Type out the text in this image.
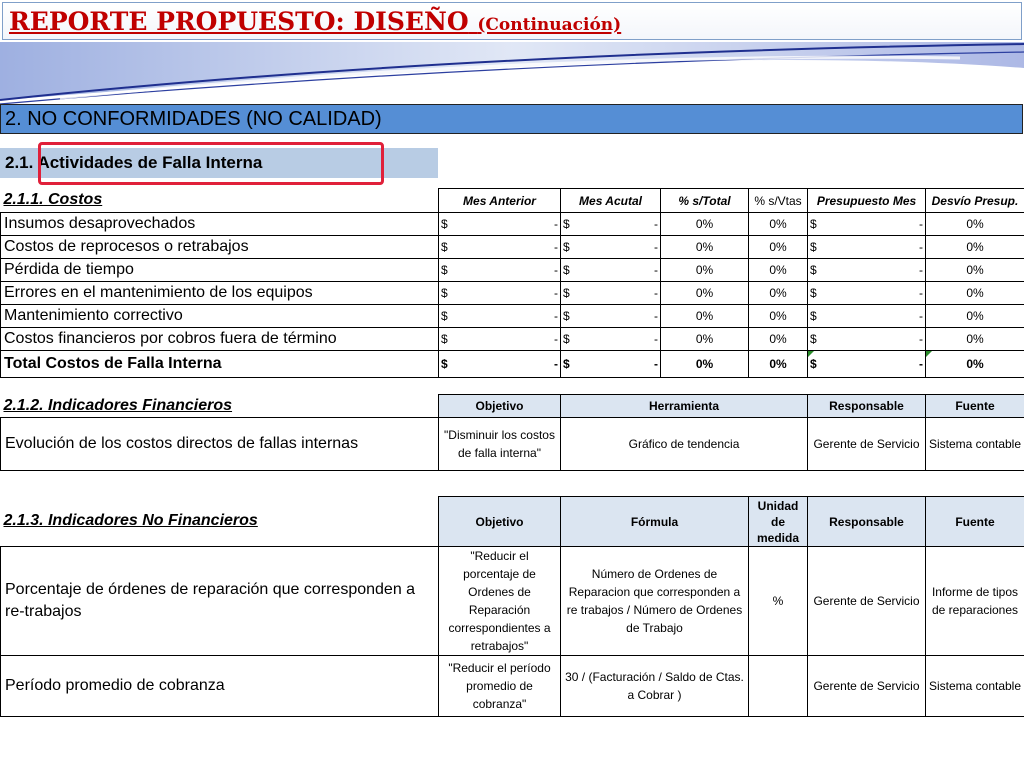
REPORTE PROPUESTO: DISEÑO (Continuación)
2. NO CONFORMIDADES (NO CALIDAD)
2.1. Actividades de Falla Interna
2.1.1. Costos	Mes Anterior	Mes Acutal	% s/Total	% s/Vtas	Presupuesto Mes	Desvío Presup.
Insumos desaprovechados	$ -	$ -	0%	0%	$ -	0%
Costos de reprocesos o retrabajos	$ -	$ -	0%	0%	$ -	0%
Pérdida de tiempo	$ -	$ -	0%	0%	$ -	0%
Errores en el mantenimiento de los equipos	$ -	$ -	0%	0%	$ -	0%
Mantenimiento correctivo	$ -	$ -	0%	0%	$ -	0%
Costos financieros por cobros fuera de término	$ -	$ -	0%	0%	$ -	0%
Total Costos de Falla Interna	$ -	$ -	0%	0%	$ -	0%
2.1.2. Indicadores Financieros	Objetivo	Herramienta	Responsable	Fuente
Evolución de los costos directos de fallas internas	"Disminuir los costos de falla interna"	Gráfico de tendencia	Gerente de Servicio	Sistema contable
2.1.3. Indicadores No Financieros	Objetivo	Fórmula	Unidad de medida	Responsable	Fuente
Porcentaje de órdenes de reparación que corresponden a re-trabajos	"Reducir el porcentaje de Ordenes de Reparación correspondientes a retrabajos"	Número de Ordenes de Reparacion que corresponden a re trabajos / Número de Ordenes de Trabajo	%	Gerente de Servicio	Informe de tipos de reparaciones
Período promedio de cobranza	"Reducir el período promedio de cobranza"	30 / (Facturación / Saldo de Ctas. a Cobrar )		Gerente de Servicio	Sistema contable
